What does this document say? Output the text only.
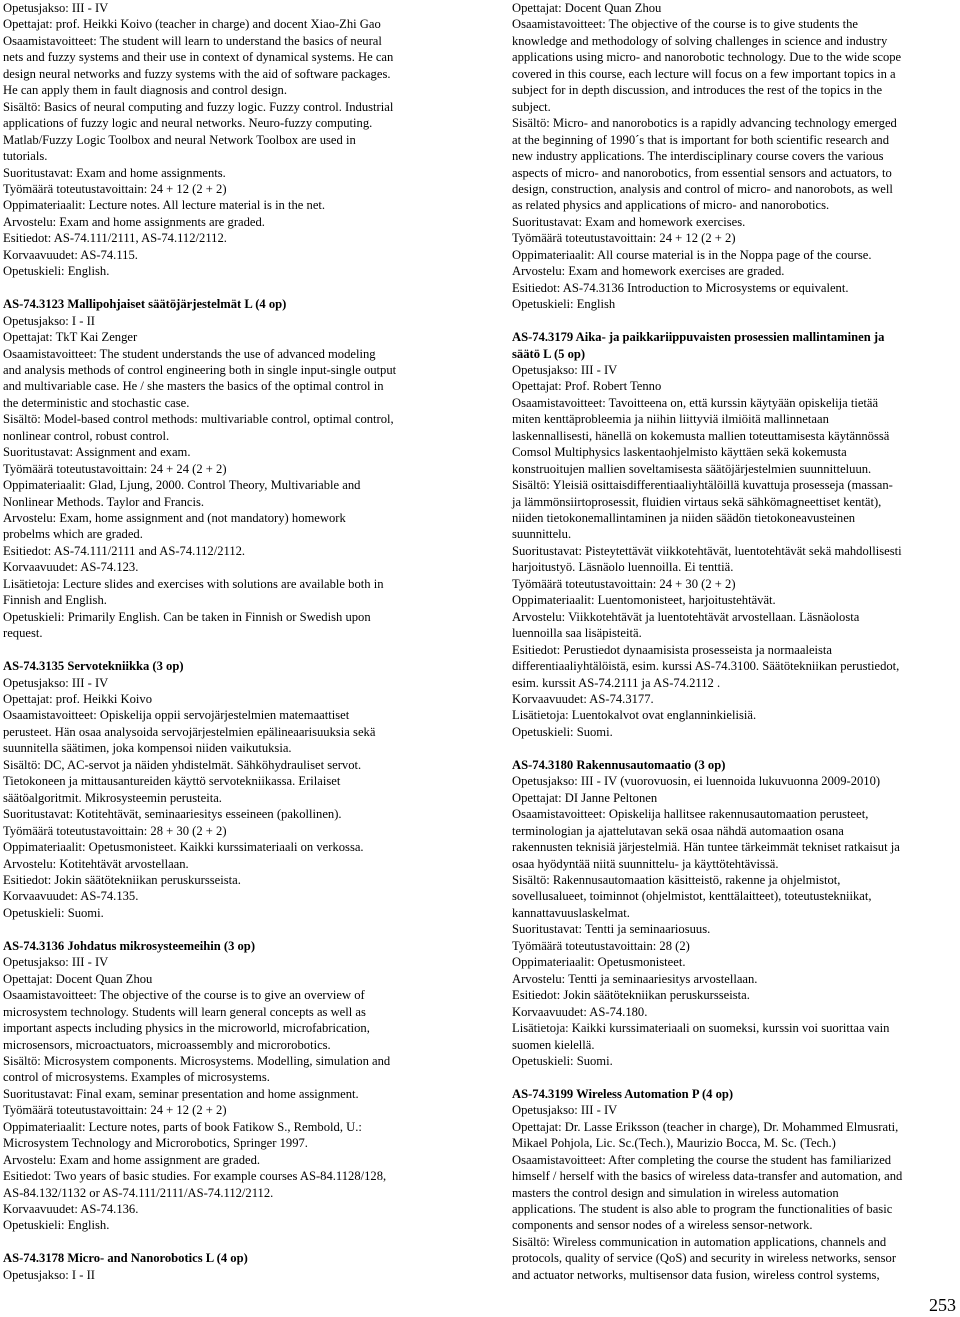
Opetusjakso: III - IV
Opettajat: prof. Heikki Koivo (teacher in charge) and docent Xiao-Zhi Gao
Osaamistavoitteet: The student will learn to understand the basics of neural
nets and fuzzy systems and their use in context of dynamical systems. He can
design neural networks and fuzzy systems with the aid of software packages.
He can apply them in fault diagnosis and control design.
Sisältö: Basics of neural computing and fuzzy logic. Fuzzy control. Industrial
applications of fuzzy logic and neural networks. Neuro-fuzzy computing.
Matlab/Fuzzy Logic Toolbox and neural Network Toolbox are used in
tutorials.
Suoritustavat: Exam and home assignments.
Työmäärä toteutustavoittain: 24 + 12 (2 + 2)
Oppimateriaalit: Lecture notes. All lecture material is in the net.
Arvostelu: Exam and home assignments are graded.
Esitiedot: AS-74.111/2111, AS-74.112/2112.
Korvaavuudet: AS-74.115.
Opetuskieli: English.
AS-74.3123 Mallipohjaiset säätöjärjestelmät L (4 op)
Opetusjakso: I - II
Opettajat: TkT Kai Zenger
Osaamistavoitteet: The student understands the use of advanced modeling
and analysis methods of control engineering both in single input-single output
and multivariable case. He / she masters the basics of the optimal control in
the deterministic and stochastic case.
Sisältö: Model-based control methods: multivariable control, optimal control,
nonlinear control, robust control.
Suoritustavat: Assignment and exam.
Työmäärä toteutustavoittain: 24 + 24 (2 + 2)
Oppimateriaalit: Glad, Ljung, 2000. Control Theory, Multivariable and
Nonlinear Methods. Taylor and Francis.
Arvostelu: Exam, home assignment and (not mandatory) homework
probelms which are graded.
Esitiedot: AS-74.111/2111 and AS-74.112/2112.
Korvaavuudet: AS-74.123.
Lisätietoja: Lecture slides and exercises with solutions are available both in
Finnish and English.
Opetuskieli: Primarily English. Can be taken in Finnish or Swedish upon
request.
AS-74.3135 Servotekniikka (3 op)
Opetusjakso: III - IV
Opettajat: prof. Heikki Koivo
Osaamistavoitteet: Opiskelija oppii servojärjestelmien matemaattiset
perusteet. Hän osaa analysoida servojärjestelmien epälineaarisuuksia sekä
suunnitella säätimen, joka kompensoi niiden vaikutuksia.
Sisältö: DC, AC-servot ja näiden yhdistelmät. Sähköhydrauliset servot.
Tietokoneen ja mittausantureiden käyttö servotekniikassa. Erilaiset
säätöalgoritmit. Mikrosysteemin perusteita.
Suoritustavat: Kotitehtävät, seminaariesitys esseineen (pakollinen).
Työmäärä toteutustavoittain: 28 + 30 (2 + 2)
Oppimateriaalit: Opetusmonisteet. Kaikki kurssimateriaali on verkossa.
Arvostelu: Kotitehtävät arvostellaan.
Esitiedot: Jokin säätötekniikan peruskursseista.
Korvaavuudet: AS-74.135.
Opetuskieli: Suomi.
AS-74.3136 Johdatus mikrosysteemeihin (3 op)
Opetusjakso: III - IV
Opettajat: Docent Quan Zhou
Osaamistavoitteet: The objective of the course is to give an overview of
microsystem technology. Students will learn general concepts as well as
important aspects including physics in the microworld, microfabrication,
microsensors, microactuators, microassembly and microrobotics.
Sisältö: Microsystem components. Microsystems. Modelling, simulation and
control of microsystems. Examples of microsystems.
Suoritustavat: Final exam, seminar presentation and home assignment.
Työmäärä toteutustavoittain: 24 + 12 (2 + 2)
Oppimateriaalit: Lecture notes, parts of book Fatikow S., Rembold, U.:
Microsystem Technology and Microrobotics, Springer 1997.
Arvostelu: Exam and home assignment are graded.
Esitiedot: Two years of basic studies. For example courses AS-84.1128/128,
AS-84.132/1132 or AS-74.111/2111/AS-74.112/2112.
Korvaavuudet: AS-74.136.
Opetuskieli: English.
AS-74.3178 Micro- and Nanorobotics L (4 op)
Opetusjakso: I - II
Opettajat: Docent Quan Zhou
Osaamistavoitteet: The objective of the course is to give students the
knowledge and methodology of solving challenges in science and industry
applications using micro- and nanorobotic technology. Due to the wide scope
covered in this course, each lecture will focus on a few important topics in a
subject for in depth discussion, and introduces the rest of the topics in the
subject.
Sisältö: Micro- and nanorobotics is a rapidly advancing technology emerged
at the beginning of 1990´s that is important for both scientific research and
new industry applications. The interdisciplinary course covers the various
aspects of micro- and nanorobotics, from essential sensors and actuators, to
design, construction, analysis and control of micro- and nanorobots, as well
as related physics and applications of micro- and nanorobotics.
Suoritustavat: Exam and homework exercises.
Työmäärä toteutustavoittain: 24 + 12 (2 + 2)
Oppimateriaalit: All course material is in the Noppa page of the course.
Arvostelu: Exam and homework exercises are graded.
Esitiedot: AS-74.3136 Introduction to Microsystems or equivalent.
Opetuskieli: English
AS-74.3179 Aika- ja paikkariippuvaisten prosessien mallintaminen ja
säätö L (5 op)
Opetusjakso: III - IV
Opettajat: Prof. Robert Tenno
Osaamistavoitteet: Tavoitteena on, että kurssin käytyään opiskelija tietää
miten kenttäprobleemia ja niihin liittyviä ilmiöitä mallinnetaan
laskennallisesti, hänellä on kokemusta mallien toteuttamisesta käytännössä
Comsol Multiphysics laskentaohjelmisto käyttäen sekä kokemusta
konstruoitujen mallien soveltamisesta säätöjärjestelmien suunnitteluun.
Sisältö: Yleisiä osittaisdifferentiaaliyhtälöillä kuvattuja prosesseja (massan-
ja lämmönsiirtoprosessit, fluidien virtaus sekä sähkömagneettiset kentät),
niiden tietokonemallintaminen ja niiden säädön tietokoneavusteinen
suunnittelu.
Suoritustavat: Pisteytettävät viikkotehtävät, luentotehtävät sekä mahdollisesti
harjoitustyö. Läsnäolo luennoilla. Ei tenttiä.
Työmäärä toteutustavoittain: 24 + 30 (2 + 2)
Oppimateriaalit: Luentomonisteet, harjoitustehtävät.
Arvostelu: Viikkotehtävät ja luentotehtävät arvostellaan. Läsnäolosta
luennoilla saa lisäpisteitä.
Esitiedot: Perustiedot dynaamisista prosesseista ja normaaleista
differentiaaliyhtälöistä, esim. kurssi AS-74.3100. Säätötekniikan perustiedot,
esim. kurssit AS-74.2111 ja AS-74.2112 .
Korvaavuudet: AS-74.3177.
Lisätietoja: Luentokalvot ovat englanninkielisiä.
Opetuskieli: Suomi.
AS-74.3180 Rakennusautomaatio (3 op)
Opetusjakso: III - IV (vuorovuosin, ei luennoida lukuvuonna 2009-2010)
Opettajat: DI Janne Peltonen
Osaamistavoitteet: Opiskelija hallitsee rakennusautomaation perusteet,
terminologian ja ajattelutavan sekä osaa nähdä automaation osana
rakennusten teknisiä järjestelmiä. Hän tuntee tärkeimmät tekniset ratkaisut ja
osaa hyödyntää niitä suunnittelu- ja käyttötehtävissä.
Sisältö: Rakennusautomaation käsitteistö, rakenne ja ohjelmistot,
sovellusalueet, toiminnot (ohjelmistot, kenttälaitteet), toteutustekniikat,
kannattavuuslaskelmat.
Suoritustavat: Tentti ja seminaariosuus.
Työmäärä toteutustavoittain: 28 (2)
Oppimateriaalit: Opetusmonisteet.
Arvostelu: Tentti ja seminaariesitys arvostellaan.
Esitiedot: Jokin säätötekniikan peruskursseista.
Korvaavuudet: AS-74.180.
Lisätietoja: Kaikki kurssimateriaali on suomeksi, kurssin voi suorittaa vain
suomen kielellä.
Opetuskieli: Suomi.
AS-74.3199 Wireless Automation P (4 op)
Opetusjakso: III - IV
Opettajat: Dr. Lasse Eriksson (teacher in charge), Dr. Mohammed Elmusrati,
Mikael Pohjola, Lic. Sc.(Tech.), Maurizio Bocca, M. Sc. (Tech.)
Osaamistavoitteet: After completing the course the student has familiarized
himself / herself with the basics of wireless data-transfer and automation, and
masters the control design and simulation in wireless automation
applications. The student is also able to program the functionalities of basic
components and sensor nodes of a wireless sensor-network.
Sisältö: Wireless communication in automation applications, channels and
protocols, quality of service (QoS) and security in wireless networks, sensor
and actuator networks, multisensor data fusion, wireless control systems,
253
